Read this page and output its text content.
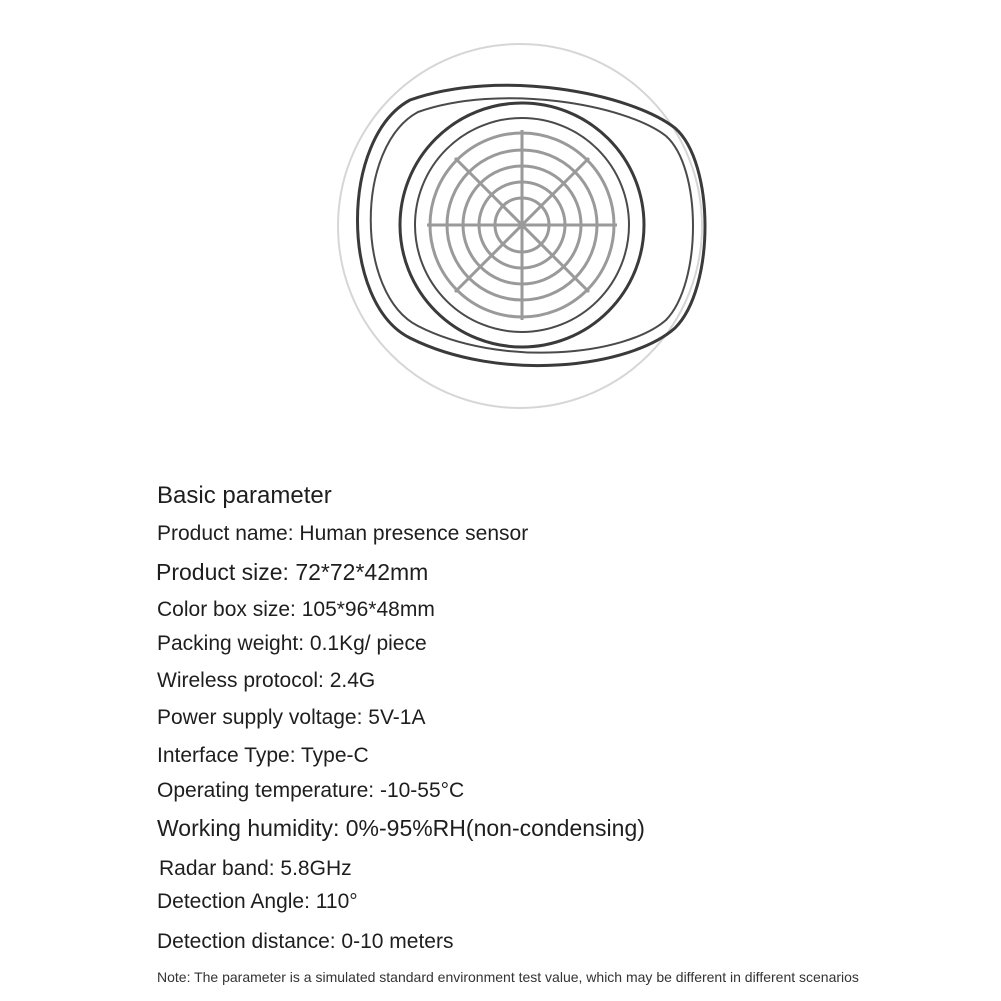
Basic parameter
Product name: Human presence sensor
Product size: 72*72*42mm
Color box size: 105*96*48mm
Packing weight: 0.1Kg/ piece
Wireless protocol: 2.4G
Power supply voltage: 5V-1A
Interface Type: Type-C
Operating temperature: -10-55°C
Working humidity: 0%-95%RH(non-condensing)
Radar band: 5.8GHz
Detection Angle: 110°
Detection distance: 0-10 meters
Note: The parameter is a simulated standard environment test value, which may be different in different scenarios
